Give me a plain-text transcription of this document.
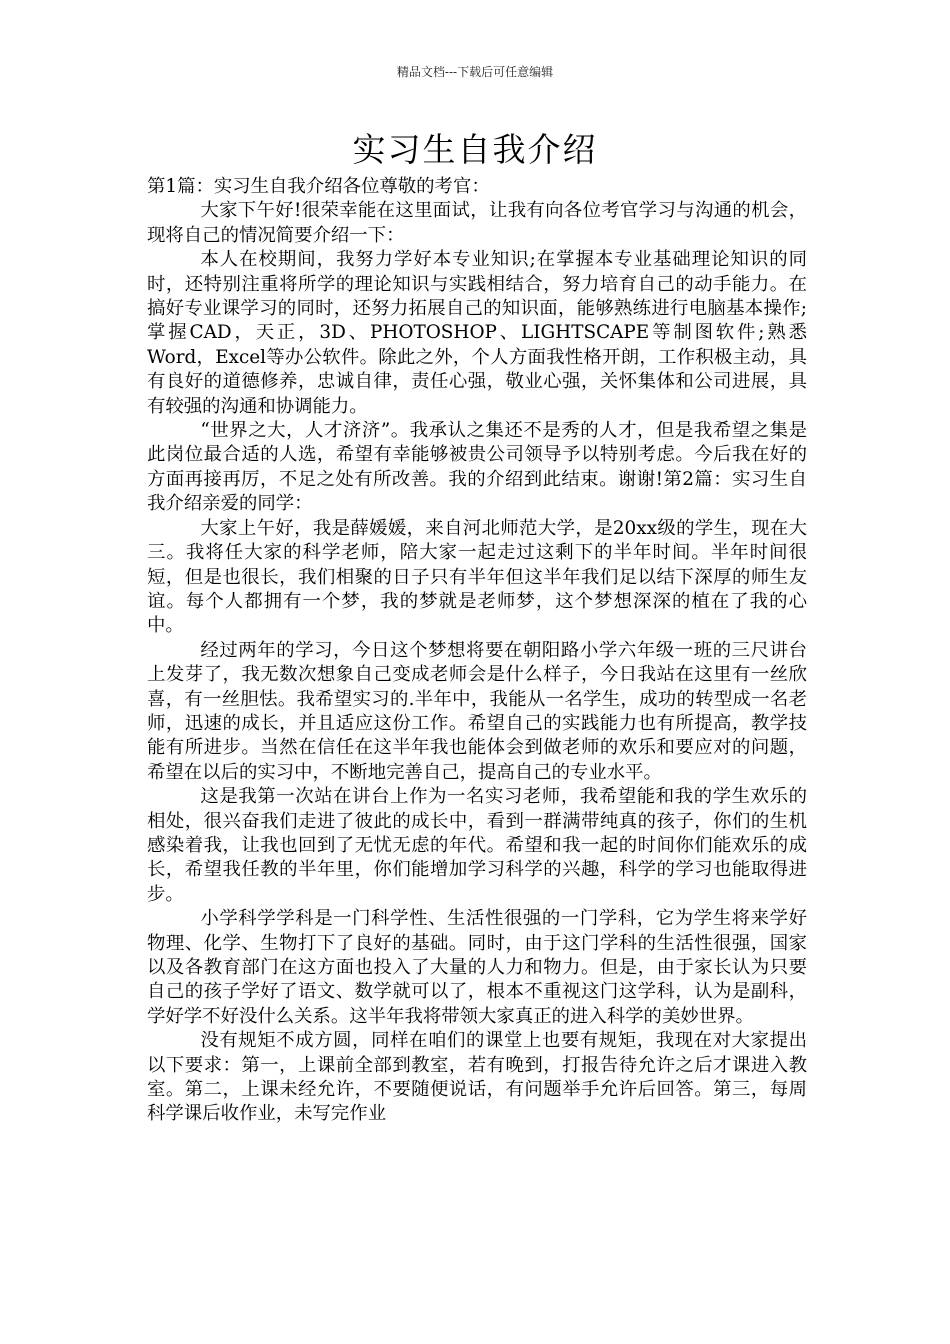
精品文档---下载后可任意编辑
实习生自我介绍

第1篇：实习生自我介绍各位尊敬的考官：

大家下午好!很荣幸能在这里面试，让我有向各位考官学习与沟通的机会，现将自己的情况简要介绍一下：

本人在校期间，我努力学好本专业知识;在掌握本专业基础理论知识的同时，还特别注重将所学的理论知识与实践相结合，努力培育自己的动手能力。在搞好专业课学习的同时，还努力拓展自己的知识面，能够熟练进行电脑基本操作;掌握CAD，天正，3D、PHOTOSHOP、LIGHTSCAPE等制图软件;熟悉Word，Excel等办公软件。除此之外，个人方面我性格开朗，工作积极主动，具有良好的道德修养，忠诚自律，责任心强，敬业心强，关怀集体和公司进展，具有较强的沟通和协调能力。

“世界之大，人才济济”。我承认之集还不是秀的人才，但是我希望之集是此岗位最合适的人选，希望有幸能够被贵公司领导予以特别考虑。今后我在好的方面再接再厉，不足之处有所改善。我的介绍到此结束。谢谢!第2篇：实习生自我介绍亲爱的同学：

大家上午好，我是薛媛媛，来自河北师范大学，是20xx级的学生，现在大三。我将任大家的科学老师，陪大家一起走过这剩下的半年时间。半年时间很短，但是也很长，我们相聚的日子只有半年但这半年我们足以结下深厚的师生友谊。每个人都拥有一个梦，我的梦就是老师梦，这个梦想深深的植在了我的心中。

经过两年的学习，今日这个梦想将要在朝阳路小学六年级一班的三尺讲台上发芽了，我无数次想象自己变成老师会是什么样子，今日我站在这里有一丝欣喜，有一丝胆怯。我希望实习的.半年中，我能从一名学生，成功的转型成一名老师，迅速的成长，并且适应这份工作。希望自己的实践能力也有所提高，教学技能有所进步。当然在信任在这半年我也能体会到做老师的欢乐和要应对的问题，希望在以后的实习中，不断地完善自己，提高自己的专业水平。

这是我第一次站在讲台上作为一名实习老师，我希望能和我的学生欢乐的相处，很兴奋我们走进了彼此的成长中，看到一群满带纯真的孩子，你们的生机感染着我，让我也回到了无忧无虑的年代。希望和我一起的时间你们能欢乐的成长，希望我任教的半年里，你们能增加学习科学的兴趣，科学的学习也能取得进步。

小学科学学科是一门科学性、生活性很强的一门学科，它为学生将来学好物理、化学、生物打下了良好的基础。同时，由于这门学科的生活性很强，国家以及各教育部门在这方面也投入了大量的人力和物力。但是，由于家长认为只要自己的孩子学好了语文、数学就可以了，根本不重视这门这学科，认为是副科，学好学不好没什么关系。这半年我将带领大家真正的进入科学的美妙世界。

没有规矩不成方圆，同样在咱们的课堂上也要有规矩，我现在对大家提出以下要求：第一，上课前全部到教室，若有晚到，打报告待允许之后才课进入教室。第二，上课未经允许，不要随便说话，有问题举手允许后回答。第三，每周科学课后收作业，未写完作业
